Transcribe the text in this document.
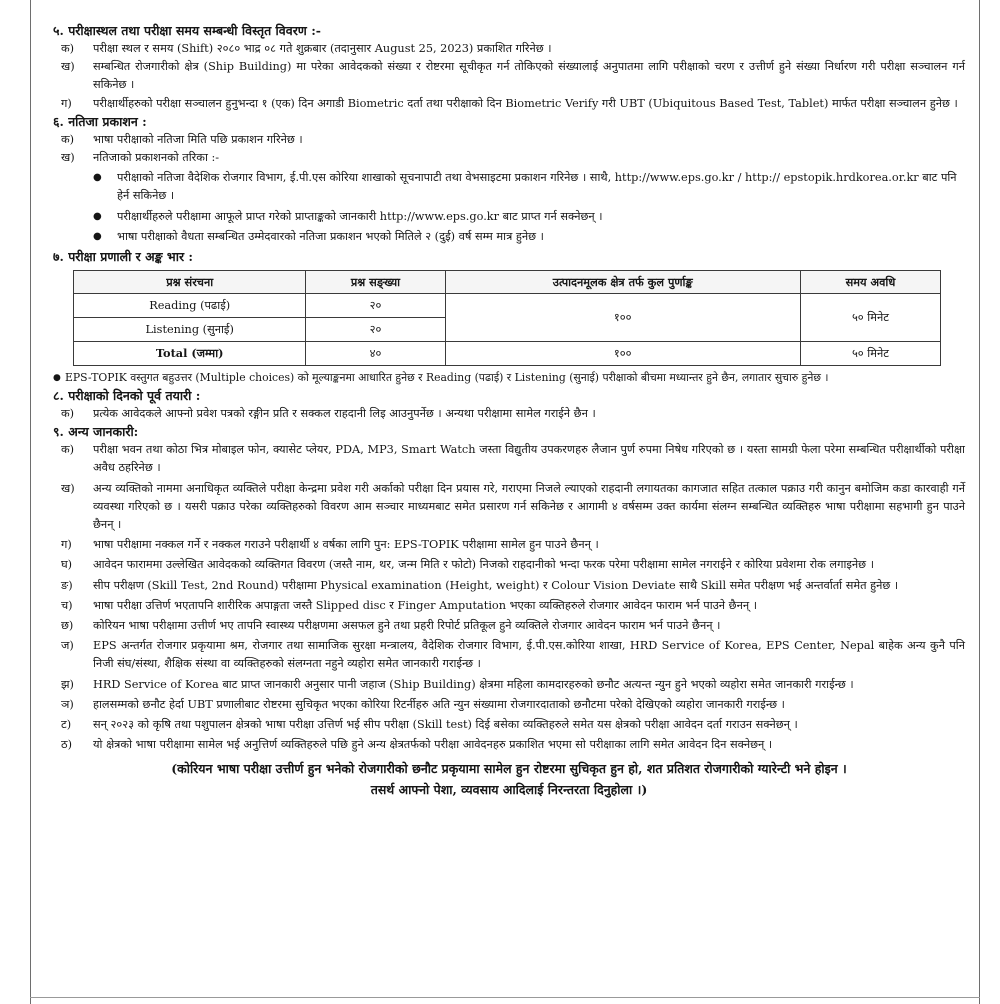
५. परीक्षास्थल तथा परीक्षा समय सम्बन्धी विस्तृत विवरण :-

क)	परीक्षा स्थल र समय (Shift) २०८० भाद्र ०८ गते शुक्रबार (तदानुसार August 25, 2023) प्रकाशित गरिनेछ ।
ख)	सम्बन्धित रोजगारीको क्षेत्र (Ship Building) मा परेका आवेदकको संख्या र रोष्टरमा सूचीकृत गर्न तोकिएको संख्यालाई अनुपातमा लागि परीक्षाको चरण र उत्तीर्ण हुने संख्या निर्धारण गरी परीक्षा सञ्चालन गर्न सकिनेछ ।
ग)	परीक्षार्थीहरुको परीक्षा सञ्चालन हुनुभन्दा १ (एक) दिन अगाडी Biometric दर्ता तथा परीक्षाको दिन Biometric Verify गरी UBT (Ubiquitous Based Test, Tablet) मार्फत परीक्षा सञ्चालन हुनेछ ।

६. नतिजा प्रकाशन :

क)	भाषा परीक्षाको नतिजा मिति पछि प्रकाशन गरिनेछ ।
ख)	नतिजाको प्रकाशनको तरिका :-
●	परीक्षाको नतिजा वैदेशिक रोजगार विभाग, ई.पी.एस कोरिया शाखाको सूचनापाटी तथा वेभसाइटमा प्रकाशन गरिनेछ । साथै, http://www.eps.go.kr / http:// epstopik.hrdkorea.or.kr बाट पनि हेर्न सकिनेछ ।
●	परीक्षार्थीहरुले परीक्षामा आफूले प्राप्त गरेको प्राप्ताङ्कको जानकारी http://www.eps.go.kr बाट प्राप्त गर्न सक्नेछन् ।
●	भाषा परीक्षाको वैधता सम्बन्धित उम्मेदवारको नतिजा प्रकाशन भएको मितिले २ (दुई) वर्ष सम्म मात्र हुनेछ ।

७. परीक्षा प्रणाली र अङ्क भार :

प्रश्न संरचना	प्रश्न सङ्ख्या	उत्पादनमूलक क्षेत्र तर्फ कुल पुर्णाङ्क	समय अवधि
Reading (पढाई)	२०	१००	५० मिनेट
Listening (सुनाई)	२०		
Total (जम्मा)	४०	१००	५० मिनेट
● EPS-TOPIK वस्तुगत बहुउत्तर (Multiple choices) को मूल्याङ्कनमा आधारित हुनेछ र Reading (पढाई) र Listening (सुनाई) परीक्षाको बीचमा मध्यान्तर हुने छैन, लगातार सुचारु हुनेछ ।

८. परीक्षाको दिनको पूर्व तयारी :

क)	प्रत्येक आवेदकले आफ्नो प्रवेश पत्रको रङ्गीन प्रति र सक्कल राहदानी लिइ आउनुपर्नेछ । अन्यथा परीक्षामा सामेल गराईने छैन ।

९. अन्य जानकारी:

क)	परीक्षा भवन तथा कोठा भित्र मोबाइल फोन, क्यासेट प्लेयर, PDA, MP3, Smart Watch जस्ता विद्युतीय उपकरणहरु लैजान पुर्ण रुपमा निषेध गरिएको छ । यस्ता सामग्री फेला परेमा सम्बन्धित परीक्षार्थीको परीक्षा अवैध ठहरिनेछ ।
ख)	अन्य व्यक्तिको नाममा अनाधिकृत व्यक्तिले परीक्षा केन्द्रमा प्रवेश गरी अर्काको परीक्षा दिन प्रयास गरे, गराएमा निजले ल्याएको राहदानी लगायतका कागजात सहित तत्काल पक्राउ गरी कानुन बमोजिम कडा कारवाही गर्ने व्यवस्था गरिएको छ । यसरी पक्राउ परेका व्यक्तिहरुको विवरण आम सञ्चार माध्यमबाट समेत प्रसारण गर्न सकिनेछ र आगामी ४ वर्षसम्म उक्त कार्यमा संलग्न सम्बन्धित व्यक्तिहरु भाषा परीक्षामा सहभागी हुन पाउने छैनन् ।
ग)	भाषा परीक्षामा नक्कल गर्ने र नक्कल गराउने परीक्षार्थी ४ वर्षका लागि पुन: EPS-TOPIK परीक्षामा सामेल हुन पाउने छैनन् ।
घ)	आवेदन फाराममा उल्लेखित आवेदकको व्यक्तिगत विवरण (जस्तै नाम, थर, जन्म मिति र फोटो) निजको राहदानीको भन्दा फरक परेमा परीक्षामा सामेल नगराईने र कोरिया प्रवेशमा रोक लगाइनेछ ।
ङ)	सीप परीक्षण (Skill Test, 2nd Round) परीक्षामा Physical examination (Height, weight) र Colour Vision Deviate साथै Skill समेत परीक्षण भई अन्तर्वार्ता समेत हुनेछ ।
च)	भाषा परीक्षा उत्तिर्ण भएतापनि शारीरिक अपाङ्गता जस्तै Slipped disc र Finger Amputation भएका व्यक्तिहरुले रोजगार आवेदन फाराम भर्न पाउने छैनन् ।
छ)	कोरियन भाषा परीक्षामा उत्तीर्ण भए तापनि स्वास्थ्य परीक्षणमा असफल हुने तथा प्रहरी रिपोर्ट प्रतिकूल हुने व्यक्तिले रोजगार आवेदन फाराम भर्न पाउने छैनन् ।
ज)	EPS अन्तर्गत रोजगार प्रकृयामा श्रम, रोजगार तथा सामाजिक सुरक्षा मन्त्रालय, वैदेशिक रोजगार विभाग, ई.पी.एस.कोरिया शाखा, HRD Service of Korea, EPS Center, Nepal बाहेक अन्य कुनै पनि निजी संघ/संस्था, शैक्षिक संस्था वा व्यक्तिहरुको संलग्नता नहुने व्यहोरा समेत जानकारी गराईन्छ ।
झ)	HRD Service of Korea बाट प्राप्त जानकारी अनुसार पानी जहाज (Ship Building) क्षेत्रमा महिला कामदारहरुको छनौट अत्यन्त न्युन हुने भएको व्यहोरा समेत जानकारी गराईन्छ ।
ञ)	हालसम्मको छनौट हेर्दा UBT प्रणालीबाट रोष्टरमा सुचिकृत भएका कोरिया रिटर्नीहरु अति न्युन संख्यामा रोजगारदाताको छनौटमा परेको देखिएको व्यहोरा जानकारी गराईन्छ ।
ट)	सन् २०२३ को कृषि तथा पशुपालन क्षेत्रको भाषा परीक्षा उत्तिर्ण भई सीप परीक्षा (Skill test) दिई बसेका व्यक्तिहरुले समेत यस क्षेत्रको परीक्षा आवेदन दर्ता गराउन सक्नेछन् ।
ठ)	यो क्षेत्रको भाषा परीक्षामा सामेल भई अनुत्तिर्ण व्यक्तिहरुले पछि हुने अन्य क्षेत्रतर्फको परीक्षा आवेदनहरु प्रकाशित भएमा सो परीक्षाका लागि समेत आवेदन दिन सक्नेछन् ।
(कोरियन भाषा परीक्षा उत्तीर्ण हुन भनेको रोजगारीको छनौट प्रकृयामा सामेल हुन रोष्टरमा सुचिकृत हुन हो, शत प्रतिशत रोजगारीको ग्यारेन्टी भने होइन ।
तसर्थ आफ्नो पेशा, व्यवसाय आदिलाई निरन्तरता दिनुहोला ।)
